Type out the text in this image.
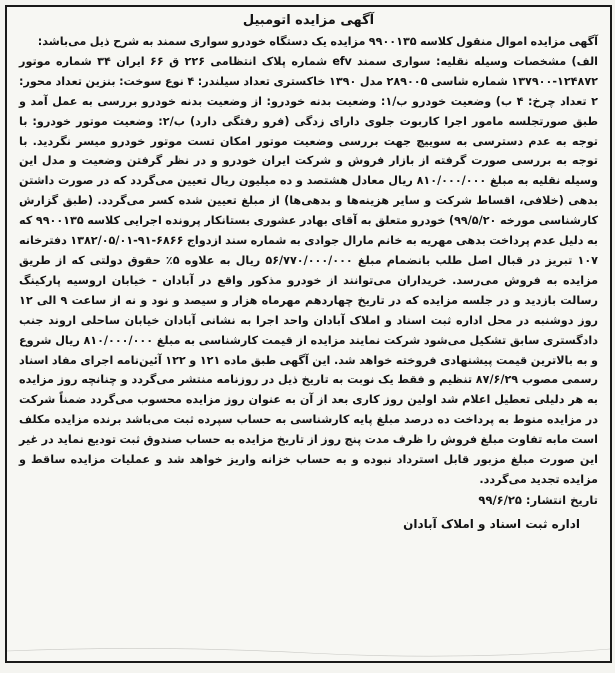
آگهی مزایده اتومبیل

آگهی مزایده اموال منقول کلاسه ۹۹۰۰۱۳۵ مزایده یک دستگاه خودرو سواری سمند به شرح ذیل می‌باشد:

الف) مشخصات وسیله نقلیه: سواری سمند efv شماره پلاک انتظامی ۲۲۶ ق ۶۶ ایران ۳۴ شماره موتور ۱۲۴۸۷۲-۱۳۷۹۰۰ شماره شاسی ۲۸۹۰۰۵ مدل ۱۳۹۰ خاکستری تعداد سیلندر: ۴ نوع سوخت: بنزین تعداد محور: ۲ تعداد چرخ: ۴ ب) وضعیت خودرو ب/۱: وضعیت بدنه خودرو: از وضعیت بدنه خودرو بررسی به عمل آمد و طبق صورتجلسه مامور اجرا کاربوت جلوی دارای زدگی (فرو رفتگی دارد) ب/۲: وضعیت موتور خودرو: با توجه به عدم دسترسی به سوییچ جهت بررسی وضعیت موتور امکان تست موتور خودرو میسر نگردید. با توجه به بررسی صورت گرفته از بازار فروش و شرکت ایران خودرو و در نظر گرفتن وضعیت و مدل این وسیله نقلیه به مبلغ ۸۱۰/۰۰۰/۰۰۰ ریال معادل هشتصد و ده میلیون ریال تعیین می‌گردد که در صورت داشتن بدهی (خلافی، اقساط شرکت و سایر هزینه‌ها و بدهی‌ها) از مبلغ تعیین شده کسر می‌گردد. (طبق گزارش کارشناسی مورخه ۹۹/۵/۲۰) خودرو متعلق به آقای بهادر عشوری بستانکار پرونده اجرایی کلاسه ۹۹۰۰۱۳۵ که به دلیل عدم پرداخت بدهی مهریه به خانم مارال جوادی به شماره سند ازدواج ۶۸۶۶-۹۱-۱۳۸۲/۰۵/۰۱ دفترخانه ۱۰۷ تبریز در قبال اصل طلب بانضمام مبلغ ۵۶/۷۷۰/۰۰۰/۰۰۰ ریال به علاوه ۵٪ حقوق دولتی که از طریق مزایده به فروش می‌رسد. خریداران می‌توانند از خودرو مذکور واقع در آبادان - خیابان اروسیه پارکینگ رسالت بازدید و در جلسه مزایده که در تاریخ چهاردهم مهرماه هزار و سیصد و نود و نه از ساعت ۹ الی ۱۲ روز دوشنبه در محل اداره ثبت اسناد و املاک آبادان واحد اجرا به نشانی آبادان خیابان ساحلی اروند جنب دادگستری سابق تشکیل می‌شود شرکت نمایند مزایده از قیمت کارشناسی به مبلغ ۸۱۰/۰۰۰/۰۰۰ ریال شروع و به بالاترین قیمت پیشنهادی فروخته خواهد شد. این آگهی طبق ماده ۱۲۱ و ۱۲۲ آئین‌نامه اجرای مفاد اسناد رسمی مصوب ۸۷/۶/۲۹ تنظیم و فقط یک نوبت به تاریخ ذیل در روزنامه منتشر می‌گردد و چنانچه روز مزایده به هر دلیلی تعطیل اعلام شد اولین روز کاری بعد از آن به عنوان روز مزایده محسوب می‌گردد ضمناً شرکت در مزایده منوط به پرداخت ده درصد مبلغ پایه کارشناسی به حساب سپرده ثبت می‌باشد برنده مزایده مکلف است مابه تفاوت مبلغ فروش را ظرف مدت پنج روز از تاریخ مزایده به حساب صندوق ثبت تودیع نماید در غیر این صورت مبلغ مزبور قابل استرداد نبوده و به حساب خزانه واریز خواهد شد و عملیات مزایده ساقط و مزایده تجدید می‌گردد.

تاریخ انتشار: ۹۹/۶/۲۵
اداره ثبت اسناد و املاک آبادان
